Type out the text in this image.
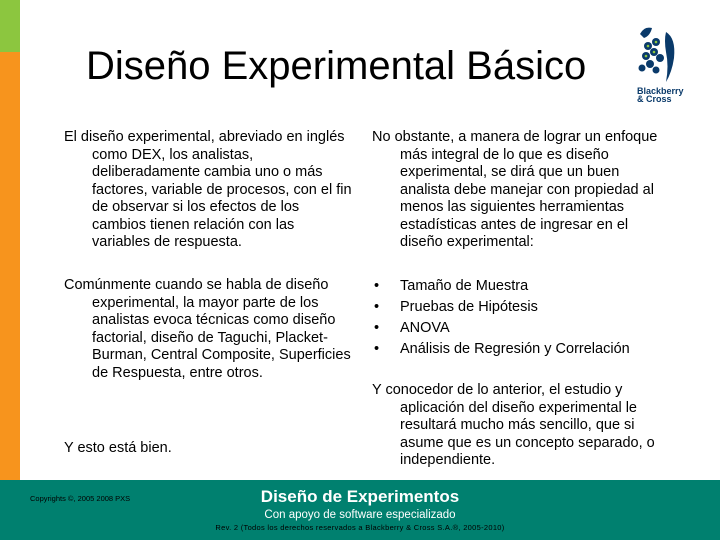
Diseño Experimental Básico
Blackberry
& Cross

El diseño experimental, abreviado en inglés como DEX, los analistas, deliberadamente cambia uno o más factores, variable de procesos, con el fin de observar si los efectos de los cambios tienen relación con las variables de respuesta.

Comúnmente cuando se habla de diseño experimental, la mayor parte de los analistas evoca técnicas como diseño factorial, diseño de Taguchi, Placket-Burman, Central Composite, Superficies de Respuesta, entre otros.

Y esto está bien.

No obstante, a manera de lograr un enfoque más integral de lo que es diseño experimental, se dirá que un buen analista debe manejar con propiedad al menos las siguientes herramientas estadísticas antes de ingresar en el diseño experimental:

• Tamaño de Muestra
• Pruebas de Hipótesis
• ANOVA
• Análisis de Regresión y Correlación

Y conocedor de lo anterior, el estudio y aplicación del diseño experimental le resultará mucho más sencillo, que si asume que es un concepto separado, o independiente.

Copyrights ©, 2005 2008 PXS	Diseño de Experimentos
Con apoyo de software especializado
Rev. 2 (Todos los derechos reservados a Blackberry & Cross S.A.®, 2005-2010)
